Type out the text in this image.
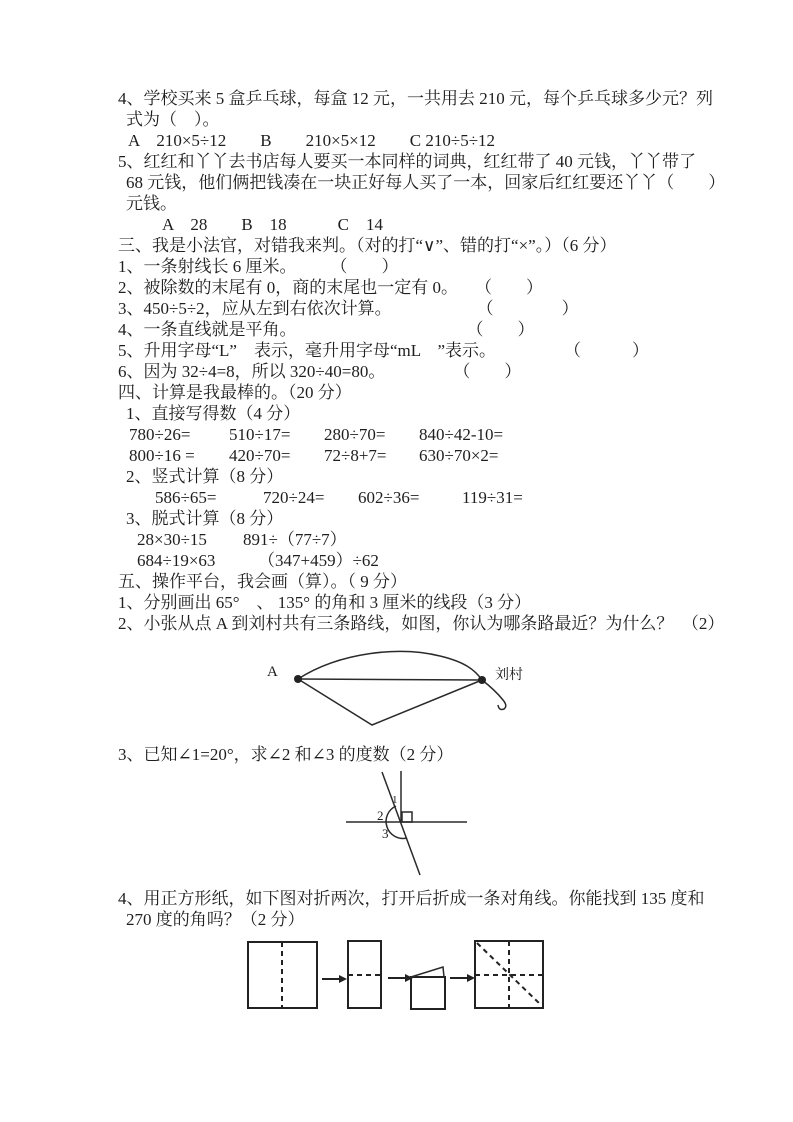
4、学校买来 5 盒乒乓球，每盒 12 元，一共用去 210 元，每个乒乓球多少元？列
式为（　）。
A　210×5÷12　　B　　210×5×12　　C 210÷5÷12
5、红红和丫丫去书店每人要买一本同样的词典，红红带了 40 元钱，丫丫带了
68 元钱，他们俩把钱凑在一块正好每人买了一本，回家后红红要还丫丫（　　）
元钱。
A　28　　B　18　　　C　14
三、我是小法官，对错我来判。（对的打“∨”、错的打“×”。）（6 分）
1、一条射线长 6 厘米。　　　（　　）
2、被除数的末尾有 0，商的末尾也一定有 0。　　（　　）
3、450÷5÷2，应从左到右依次计算。　　　　　　（　　　　）
4、一条直线就是平角。　　　　　　　　　　　（　　）
5、升用字母“L”　表示，毫升用字母“mL　”表示。　　　　　（　　　）
6、因为 32÷4=8，所以 320÷40=80。　　　　　（　　）
四、计算是我最棒的。（20 分）
1、直接写得数（4 分）
780÷26=	510÷17=	280÷70=	840÷42-10=
800÷16 =	420÷70=	72÷8+7=	630÷70×2=
2、竖式计算（8 分）
586÷65=	720÷24=	602÷36=	119÷31=
3、脱式计算（8 分）
28×30÷15	891÷（77÷7）
684÷19×63	（347+459）÷62
五、操作平台，我会画（算）。（ 9 分）
1、分别画出 65°　、 135° 的角和 3 厘米的线段（3 分）
2、小张从点 A 到刘村共有三条路线，如图，你认为哪条路最近？为什么？　（2）
A	刘村
3、已知∠1=20°，求∠2 和∠3 的度数（2 分）
1
2
3
4、用正方形纸，如下图对折两次，打开后折成一条对角线。你能找到 135 度和
270 度的角吗？（2 分）
